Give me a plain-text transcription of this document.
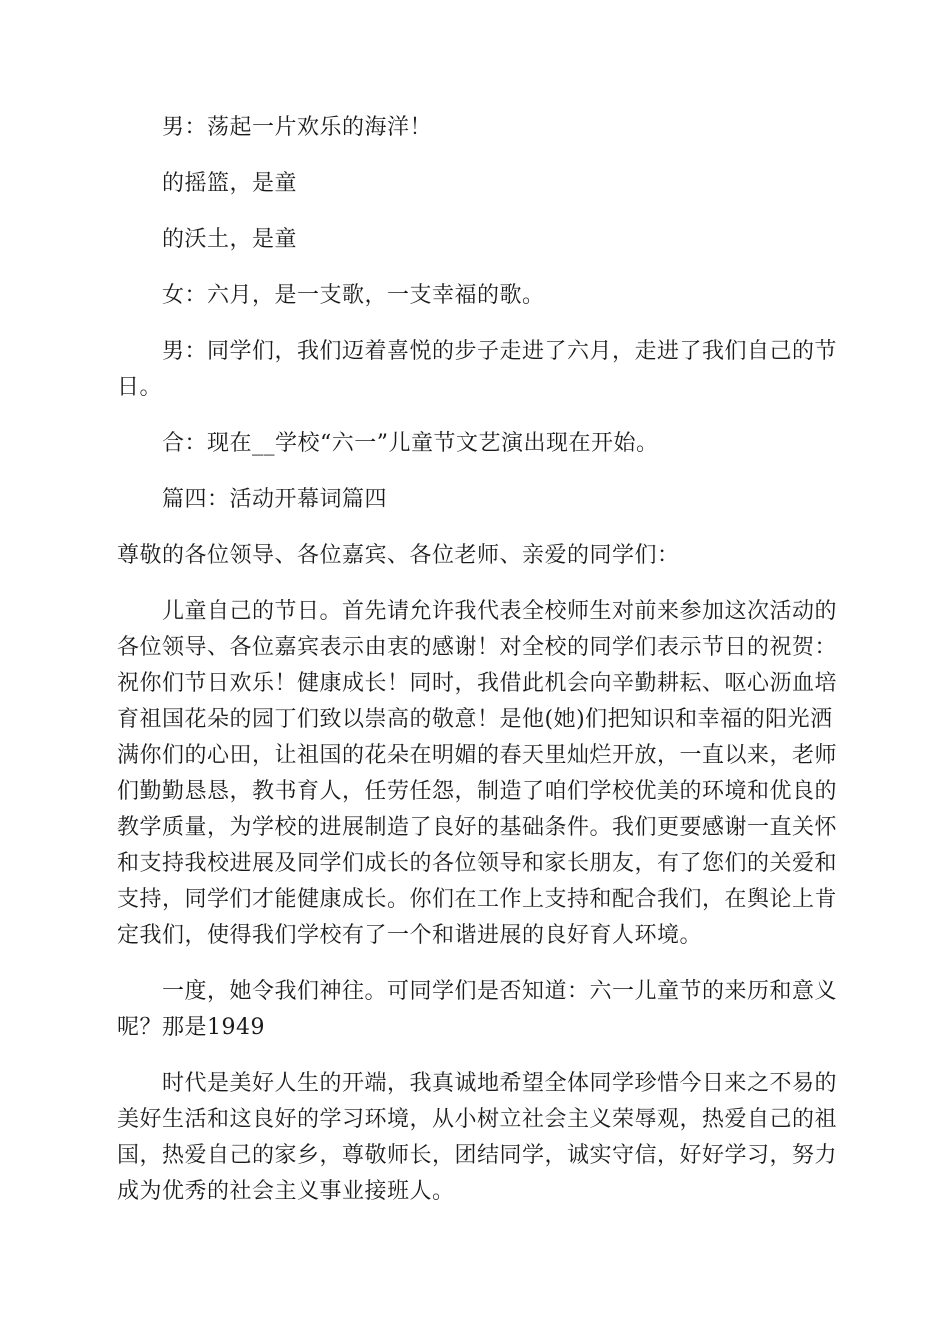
男：荡起一片欢乐的海洋！

的摇篮，是童

的沃土，是童

女：六月，是一支歌，一支幸福的歌。

男：同学们，我们迈着喜悦的步子走进了六月，走进了我们自己的节日。

合：现在__学校“六一”儿童节文艺演出现在开始。

篇四：活动开幕词篇四

尊敬的各位领导、各位嘉宾、各位老师、亲爱的同学们：

儿童自己的节日。首先请允许我代表全校师生对前来参加这次活动的各位领导、各位嘉宾表示由衷的感谢！对全校的同学们表示节日的祝贺：祝你们节日欢乐！健康成长！同时，我借此机会向辛勤耕耘、呕心沥血培育祖国花朵的园丁们致以崇高的敬意！是他(她)们把知识和幸福的阳光洒满你们的心田，让祖国的花朵在明媚的春天里灿烂开放，一直以来，老师们勤勤恳恳，教书育人，任劳任怨，制造了咱们学校优美的环境和优良的教学质量，为学校的进展制造了良好的基础条件。我们更要感谢一直关怀和支持我校进展及同学们成长的各位领导和家长朋友，有了您们的关爱和支持，同学们才能健康成长。你们在工作上支持和配合我们，在舆论上肯定我们，使得我们学校有了一个和谐进展的良好育人环境。

一度，她令我们神往。可同学们是否知道：六一儿童节的来历和意义呢？那是1949

时代是美好人生的开端，我真诚地希望全体同学珍惜今日来之不易的美好生活和这良好的学习环境，从小树立社会主义荣辱观，热爱自己的祖国，热爱自己的家乡，尊敬师长，团结同学，诚实守信，好好学习，努力成为优秀的社会主义事业接班人。
